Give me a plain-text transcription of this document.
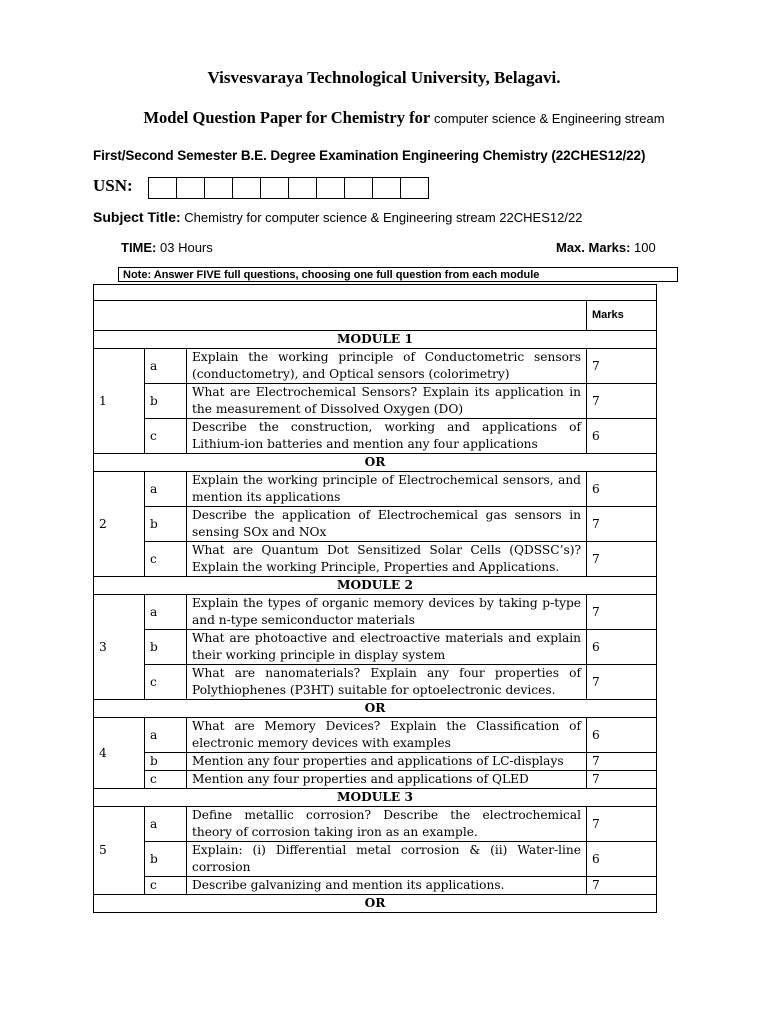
Visvesvaraya Technological University, Belagavi.
Model Question Paper for Chemistry for computer science & Engineering stream
First/Second Semester B.E. Degree Examination Engineering Chemistry (22CHES12/22)
USN:
Subject Title: Chemistry for computer science & Engineering stream 22CHES12/22
TIME: 03 Hours	Max. Marks: 100
Note: Answer FIVE full questions, choosing one full question from each module

			Marks
MODULE 1			
1	a	Explain the working principle of Conductometric sensors (conductometry), and Optical sensors (colorimetry)	7
	b	What are Electrochemical Sensors? Explain its application in the measurement of Dissolved Oxygen (DO)	7
	c	Describe the construction, working and applications of Lithium-ion batteries and mention any four applications	6
OR			
2	a	Explain the working principle of Electrochemical sensors, and mention its applications	6
	b	Describe the application of Electrochemical gas sensors in sensing SOx and NOx	7
	c	What are Quantum Dot Sensitized Solar Cells (QDSSC’s)? Explain the working Principle, Properties and Applications.	7
MODULE 2			
3	a	Explain the types of organic memory devices by taking p-type and n-type semiconductor materials	7
	b	What are photoactive and electroactive materials and explain their working principle in display system	6
	c	What are nanomaterials? Explain any four properties of Polythiophenes (P3HT) suitable for optoelectronic devices.	7
OR			
4	a	What are Memory Devices? Explain the Classification of electronic memory devices with examples	6
	b	Mention any four properties and applications of LC-displays	7
	c	Mention any four properties and applications of QLED	7
MODULE 3			
5	a	Define metallic corrosion? Describe the electrochemical theory of corrosion taking iron as an example.	7
	b	Explain: (i) Differential metal corrosion & (ii) Water-line corrosion	6
	c	Describe galvanizing and mention its applications.	7
OR			
